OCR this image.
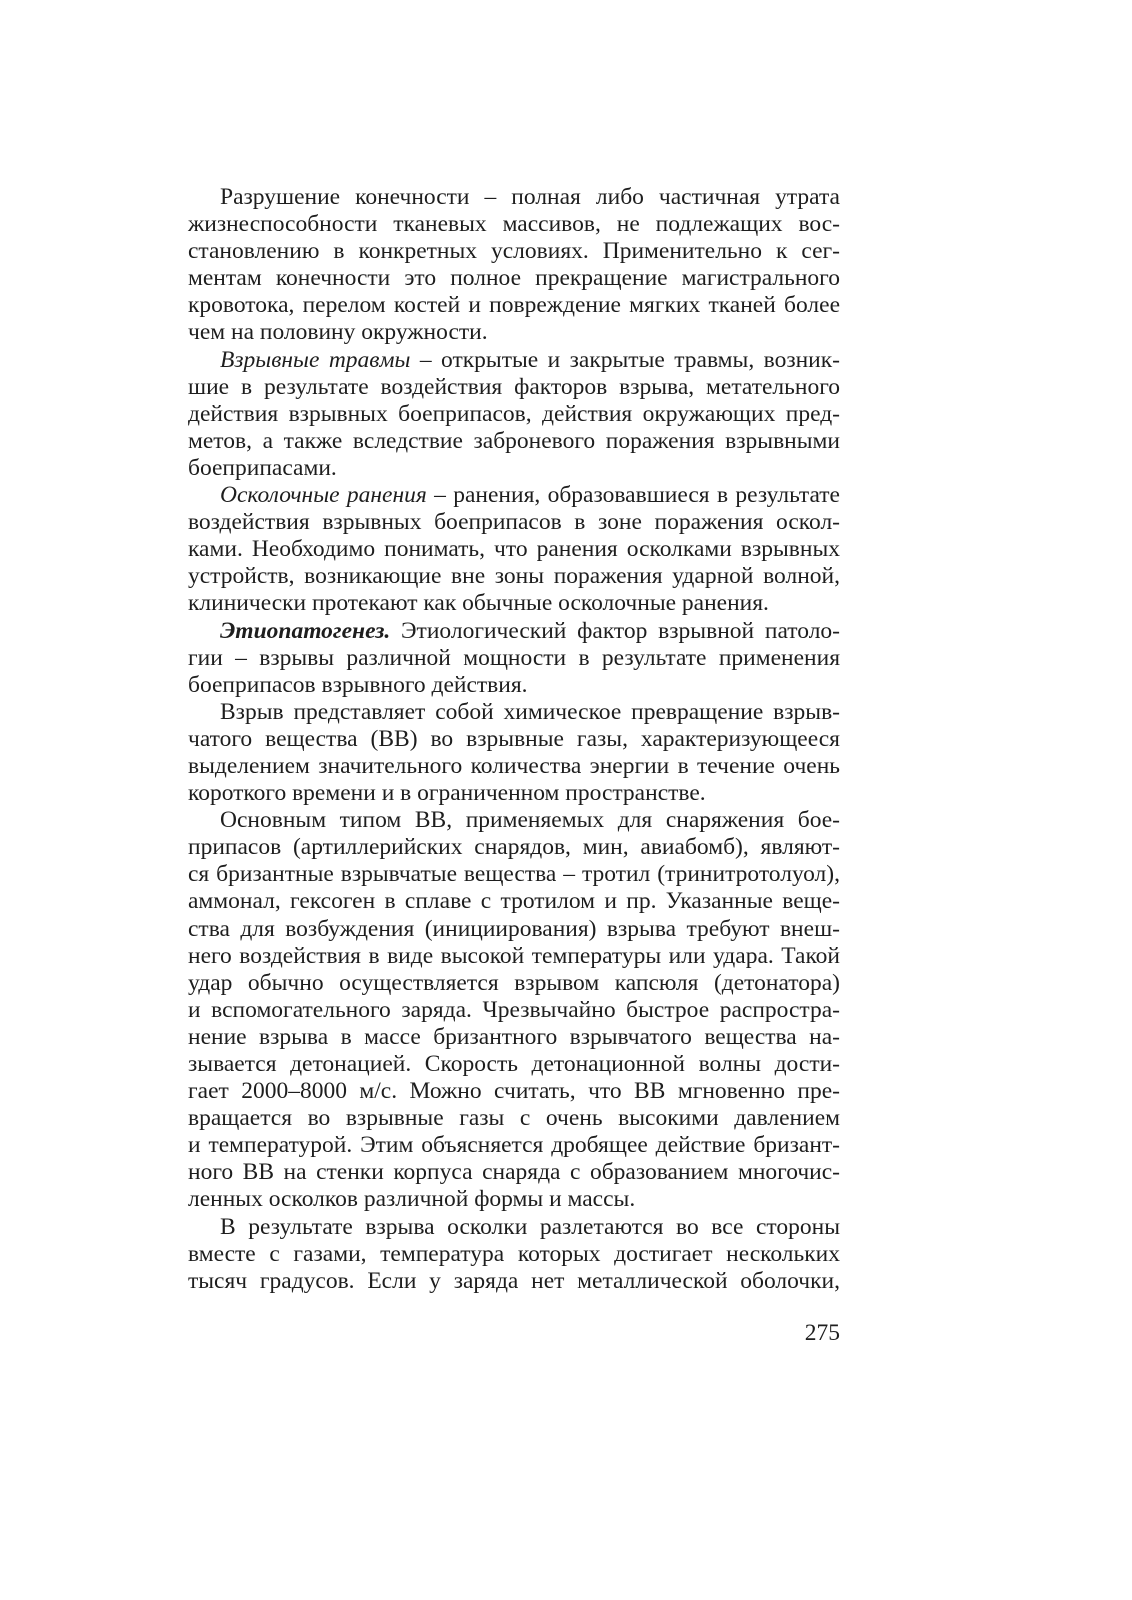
Разрушение конечности – полная либо частичная утрата
жизнеспособности тканевых массивов, не подлежащих вос-
становлению в конкретных условиях. Применительно к сег-
ментам конечности это полное прекращение магистрального
кровотока, перелом костей и повреждение мягких тканей более
чем на половину окружности.
Взрывные травмы – открытые и закрытые травмы, возник-
шие в результате воздействия факторов взрыва, метательного
действия взрывных боеприпасов, действия окружающих пред-
метов, а также вследствие заброневого поражения взрывными
боеприпасами.
Осколочные ранения – ранения, образовавшиеся в результате
воздействия взрывных боеприпасов в зоне поражения оскол-
ками. Необходимо понимать, что ранения осколками взрывных
устройств, возникающие вне зоны поражения ударной волной,
клинически протекают как обычные осколочные ранения.
Этиопатогенез. Этиологический фактор взрывной патоло-
гии – взрывы различной мощности в результате применения
боеприпасов взрывного действия.
Взрыв представляет собой химическое превращение взрыв-
чатого вещества (ВВ) во взрывные газы, характеризующееся
выделением значительного количества энергии в течение очень
короткого времени и в ограниченном пространстве.
Основным типом ВВ, применяемых для снаряжения бое-
припасов (артиллерийских снарядов, мин, авиабомб), являют-
ся бризантные взрывчатые вещества – тротил (тринитротолуол),
аммонал, гексоген в сплаве с тротилом и пр. Указанные веще-
ства для возбуждения (инициирования) взрыва требуют внеш-
него воздействия в виде высокой температуры или удара. Такой
удар обычно осуществляется взрывом капсюля (детонатора)
и вспомогательного заряда. Чрезвычайно быстрое распростра-
нение взрыва в массе бризантного взрывчатого вещества на-
зывается детонацией. Скорость детонационной волны дости-
гает 2000–8000 м/с. Можно считать, что ВВ мгновенно пре-
вращается во взрывные газы с очень высокими давлением
и температурой. Этим объясняется дробящее действие бризант-
ного ВВ на стенки корпуса снаряда с образованием многочис-
ленных осколков различной формы и массы.
В результате взрыва осколки разлетаются во все стороны
вместе с газами, температура которых достигает нескольких
тысяч градусов. Если у заряда нет металлической оболочки,
275
